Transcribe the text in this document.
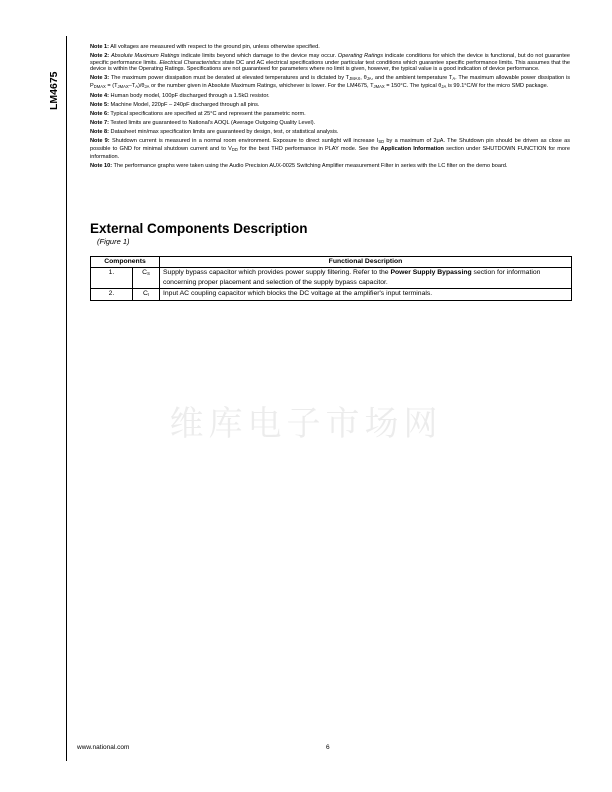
LM4675
Note 1: All voltages are measured with respect to the ground pin, unless otherwise specified.
Note 2: Absolute Maximum Ratings indicate limits beyond which damage to the device may occur. Operating Ratings indicate conditions for which the device is functional, but do not guarantee specific performance limits. Electrical Characteristics state DC and AC electrical specifications under particular test conditions which guarantee specific performance limits. This assumes that the device is within the Operating Ratings. Specifications are not guaranteed for parameters where no limit is given, however, the typical value is a good indication of device performance.
Note 3: The maximum power dissipation must be derated at elevated temperatures and is dictated by $T_{JMAX}$, $\theta_{JA}$, and the ambient temperature $T_A$. The maximum allowable power dissipation is $P_{DMAX} = (T_{JMAX}-T_A)/\theta_{JA}$ or the number given in Absolute Maximum Ratings, whichever is lower. For the LM4675, $T_{JMAX} = 150^\circ C$. The typical $\theta_{JA}$ is 99.1°C/W for the micro SMD package.
Note 4: Human body model, 100pF discharged through a 1.5kΩ resistor.
Note 5: Machine Model, 220pF – 240pF discharged through all pins.
Note 6: Typical specifications are specified at 25°C and represent the parametric norm.
Note 7: Tested limits are guaranteed to National's AOQL (Average Outgoing Quality Level).
Note 8: Datasheet min/max specification limits are guaranteed by design, test, or statistical analysis.
Note 9: Shutdown current is measured in a normal room environment. Exposure to direct sunlight will increase $I_{SD}$ by a maximum of 2μA. The Shutdown pin should be driven as close as possible to GND for minimal shutdown current and to $V_{DD}$ for the best THD performance in PLAY mode. See the Application Information section under SHUTDOWN FUNCTION for more information.
Note 10: The performance graphs were taken using the Audio Precision AUX-0025 Switching Amplifier measurement Filter in series with the LC filter on the demo board.
External Components Description
(Figure 1)
Components		Functional Description
1.	$C_S$	Supply bypass capacitor which provides power supply filtering. Refer to the Power Supply Bypassing section for information concerning proper placement and selection of the supply bypass capacitor.
2.	$C_I$	Input AC coupling capacitor which blocks the DC voltage at the amplifier's input terminals.
维库电子市场网
www.national.com	6
